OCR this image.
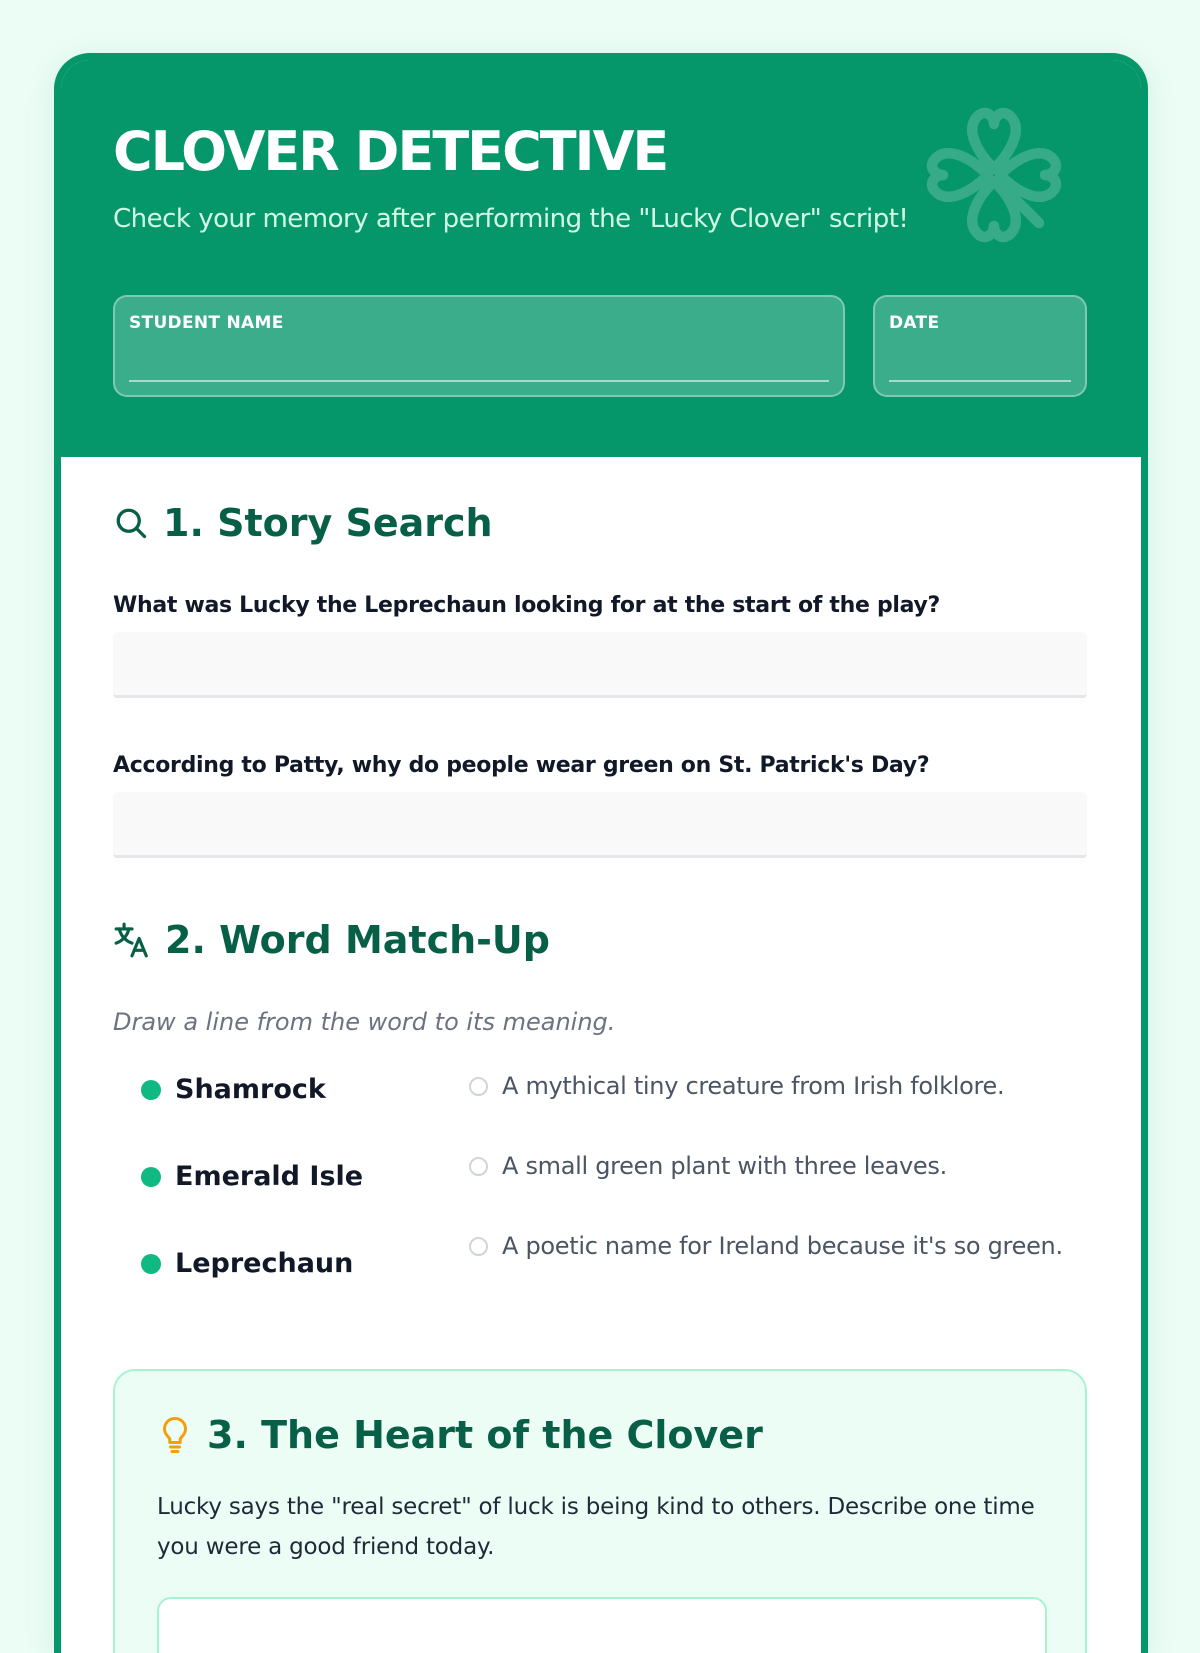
CLOVER DETECTIVE
Check your memory after performing the "Lucky Clover" script!
STUDENT NAME	DATE
1. Story Search
What was Lucky the Leprechaun looking for at the start of the play?
According to Patty, why do people wear green on St. Patrick's Day?
2. Word Match-Up
Draw a line from the word to its meaning.
Shamrock
Emerald Isle
Leprechaun
A mythical tiny creature from Irish folklore.
A small green plant with three leaves.
A poetic name for Ireland because it's so green.
3. The Heart of the Clover
Lucky says the "real secret" of luck is being kind to others. Describe one time you were a good friend today.
